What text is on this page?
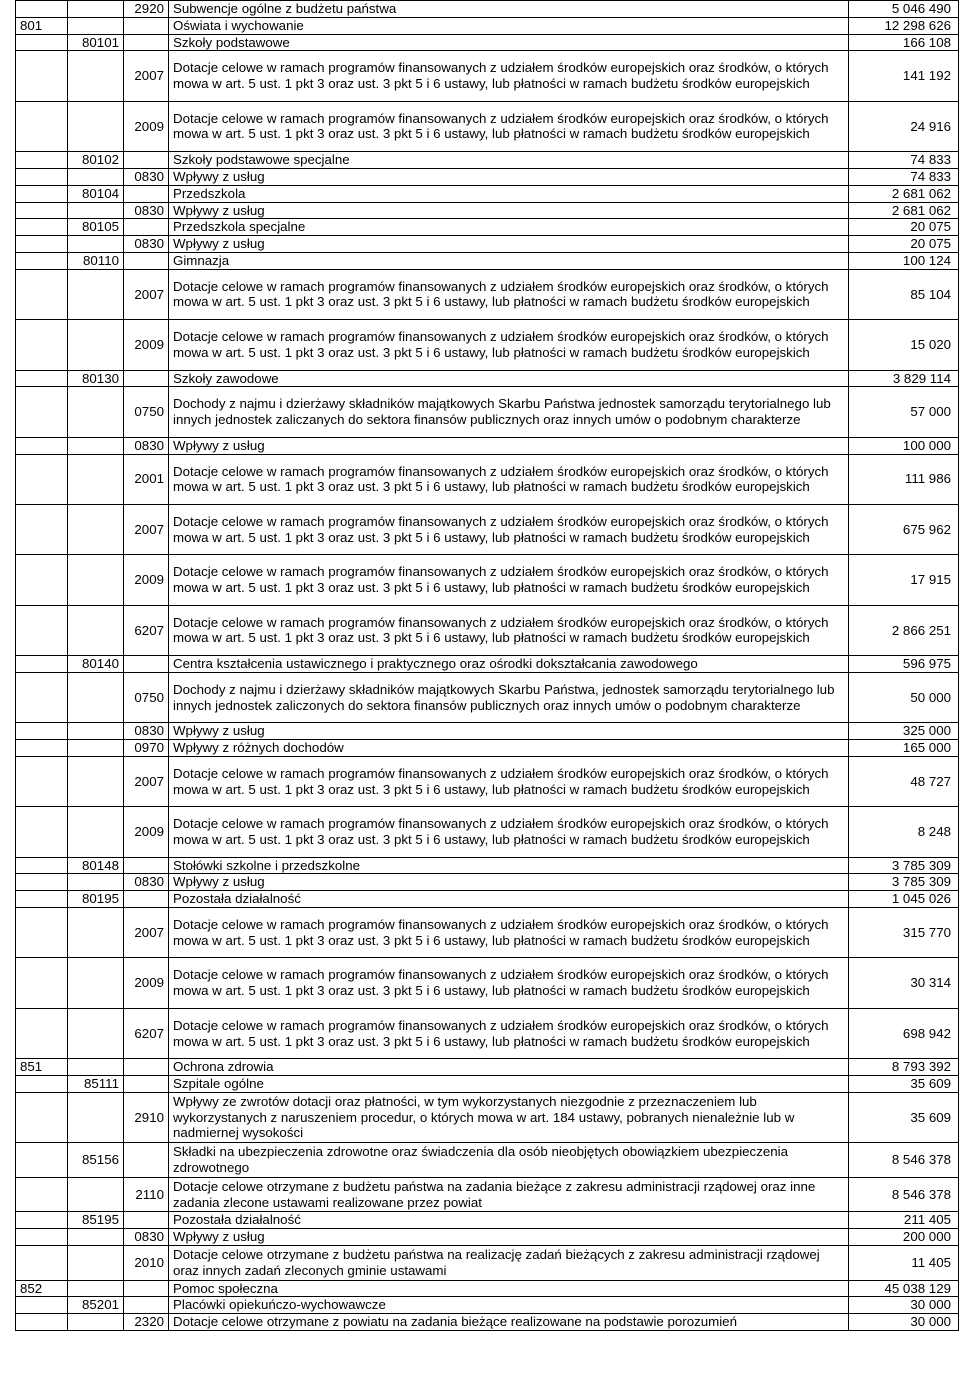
		2920	Subwencje ogólne z budżetu państwa	5 046 490
801			Oświata i wychowanie	12 298 626
	80101		Szkoły podstawowe	166 108
		2007	Dotacje celowe w ramach programów finansowanych z udziałem środków europejskich oraz środków, o których mowa w art. 5 ust. 1 pkt 3 oraz ust. 3 pkt 5 i 6 ustawy, lub płatności w ramach budżetu środków europejskich	141 192
		2009	Dotacje celowe w ramach programów finansowanych z udziałem środków europejskich oraz środków, o których mowa w art. 5 ust. 1 pkt 3 oraz ust. 3 pkt 5 i 6 ustawy, lub płatności w ramach budżetu środków europejskich	24 916
	80102		Szkoły podstawowe specjalne	74 833
		0830	Wpływy z usług	74 833
	80104		Przedszkola	2 681 062
		0830	Wpływy z usług	2 681 062
	80105		Przedszkola specjalne	20 075
		0830	Wpływy z usług	20 075
	80110		Gimnazja	100 124
		2007	Dotacje celowe w ramach programów finansowanych z udziałem środków europejskich oraz środków, o których mowa w art. 5 ust. 1 pkt 3 oraz ust. 3 pkt 5 i 6 ustawy, lub płatności w ramach budżetu środków europejskich	85 104
		2009	Dotacje celowe w ramach programów finansowanych z udziałem środków europejskich oraz środków, o których mowa w art. 5 ust. 1 pkt 3 oraz ust. 3 pkt 5 i 6 ustawy, lub płatności w ramach budżetu środków europejskich	15 020
	80130		Szkoły zawodowe	3 829 114
		0750	Dochody z najmu i dzierżawy składników majątkowych Skarbu Państwa jednostek samorządu terytorialnego lub innych jednostek zaliczanych do sektora finansów publicznych oraz innych umów o podobnym charakterze	57 000
		0830	Wpływy z usług	100 000
		2001	Dotacje celowe w ramach programów finansowanych z udziałem środków europejskich oraz środków, o których mowa w art. 5 ust. 1 pkt 3 oraz ust. 3 pkt 5 i 6 ustawy, lub płatności w ramach budżetu środków europejskich	111 986
		2007	Dotacje celowe w ramach programów finansowanych z udziałem środków europejskich oraz środków, o których mowa w art. 5 ust. 1 pkt 3 oraz ust. 3 pkt 5 i 6 ustawy, lub płatności w ramach budżetu środków europejskich	675 962
		2009	Dotacje celowe w ramach programów finansowanych z udziałem środków europejskich oraz środków, o których mowa w art. 5 ust. 1 pkt 3 oraz ust. 3 pkt 5 i 6 ustawy, lub płatności w ramach budżetu środków europejskich	17 915
		6207	Dotacje celowe w ramach programów finansowanych z udziałem środków europejskich oraz środków, o których mowa w art. 5 ust. 1 pkt 3 oraz ust. 3 pkt 5 i 6 ustawy, lub płatności w ramach budżetu środków europejskich	2 866 251
	80140		Centra kształcenia ustawicznego i praktycznego oraz ośrodki dokształcania zawodowego	596 975
		0750	Dochody z najmu i dzierżawy składników majątkowych Skarbu Państwa, jednostek samorządu terytorialnego lub innych jednostek zaliczonych do sektora finansów publicznych oraz innych umów o podobnym charakterze	50 000
		0830	Wpływy z usług	325 000
		0970	Wpływy z różnych dochodów	165 000
		2007	Dotacje celowe w ramach programów finansowanych z udziałem środków europejskich oraz środków, o których mowa w art. 5 ust. 1 pkt 3 oraz ust. 3 pkt 5 i 6 ustawy, lub płatności w ramach budżetu środków europejskich	48 727
		2009	Dotacje celowe w ramach programów finansowanych z udziałem środków europejskich oraz środków, o których mowa w art. 5 ust. 1 pkt 3 oraz ust. 3 pkt 5 i 6 ustawy, lub płatności w ramach budżetu środków europejskich	8 248
	80148		Stołówki szkolne i przedszkolne	3 785 309
		0830	Wpływy z usług	3 785 309
	80195		Pozostała działalność	1 045 026
		2007	Dotacje celowe w ramach programów finansowanych z udziałem środków europejskich oraz środków, o których mowa w art. 5 ust. 1 pkt 3 oraz ust. 3 pkt 5 i 6 ustawy, lub płatności w ramach budżetu środków europejskich	315 770
		2009	Dotacje celowe w ramach programów finansowanych z udziałem środków europejskich oraz środków, o których mowa w art. 5 ust. 1 pkt 3 oraz ust. 3 pkt 5 i 6 ustawy, lub płatności w ramach budżetu środków europejskich	30 314
		6207	Dotacje celowe w ramach programów finansowanych z udziałem środków europejskich oraz środków, o których mowa w art. 5 ust. 1 pkt 3 oraz ust. 3 pkt 5 i 6 ustawy, lub płatności w ramach budżetu środków europejskich	698 942
851			Ochrona zdrowia	8 793 392
	85111		Szpitale ogólne	35 609
		2910	Wpływy ze zwrotów dotacji oraz płatności, w tym wykorzystanych niezgodnie z przeznaczeniem lub wykorzystanych z naruszeniem procedur, o których mowa w art. 184 ustawy, pobranych nienależnie lub w nadmiernej wysokości	35 609
	85156		Składki na ubezpieczenia zdrowotne oraz świadczenia dla osób nieobjętych obowiązkiem ubezpieczenia zdrowotnego	8 546 378
		2110	Dotacje celowe otrzymane z budżetu państwa na zadania bieżące z zakresu administracji rządowej oraz inne zadania zlecone ustawami realizowane przez powiat	8 546 378
	85195		Pozostała działalność	211 405
		0830	Wpływy z usług	200 000
		2010	Dotacje celowe otrzymane z budżetu państwa na realizację zadań bieżących z zakresu administracji rządowej oraz innych zadań zleconych gminie ustawami	11 405
852			Pomoc społeczna	45 038 129
	85201		Placówki opiekuńczo-wychowawcze	30 000
		2320	Dotacje celowe otrzymane z powiatu na zadania bieżące realizowane na podstawie porozumień	30 000
